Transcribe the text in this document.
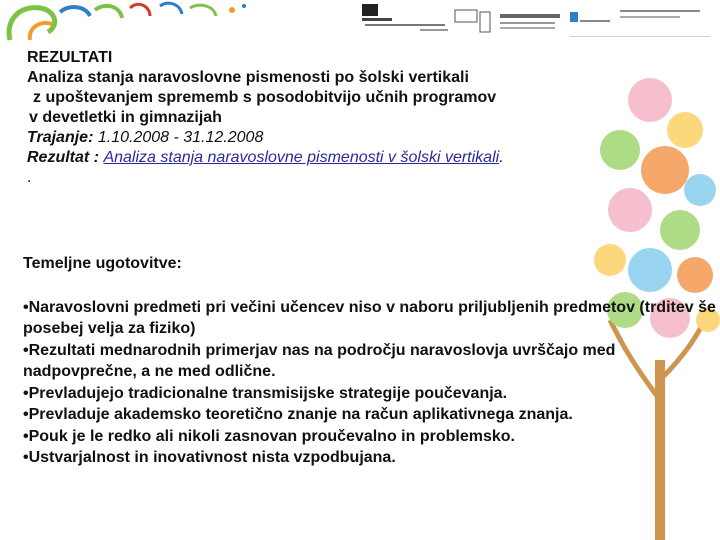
REZULTATI

Analiza stanja naravoslovne pismenosti po šolski vertikali

z upoštevanjem sprememb s posodobitvijo učnih programov

v devetletki in gimnazijah

Trajanje: 1.10.2008 - 31.12.2008

Rezultat : Analiza stanja naravoslovne pismenosti v šolski vertikali.

.

Temeljne ugotovitve:

•Naravoslovni predmeti pri večini učencev niso v naboru priljubljenih predmetov (trditev še posebej velja za fiziko)

•Rezultati mednarodnih primerjav nas na področju naravoslovja uvrščajo med nadpovprečne, a ne med odlične.

•Prevladujejo tradicionalne transmisijske strategije poučevanja.

•Prevladuje akademsko teoretično znanje na račun aplikativnega znanja.

•Pouk je le redko ali nikoli zasnovan proučevalno in problemsko.

•Ustvarjalnost in inovativnost nista vzpodbujana.
